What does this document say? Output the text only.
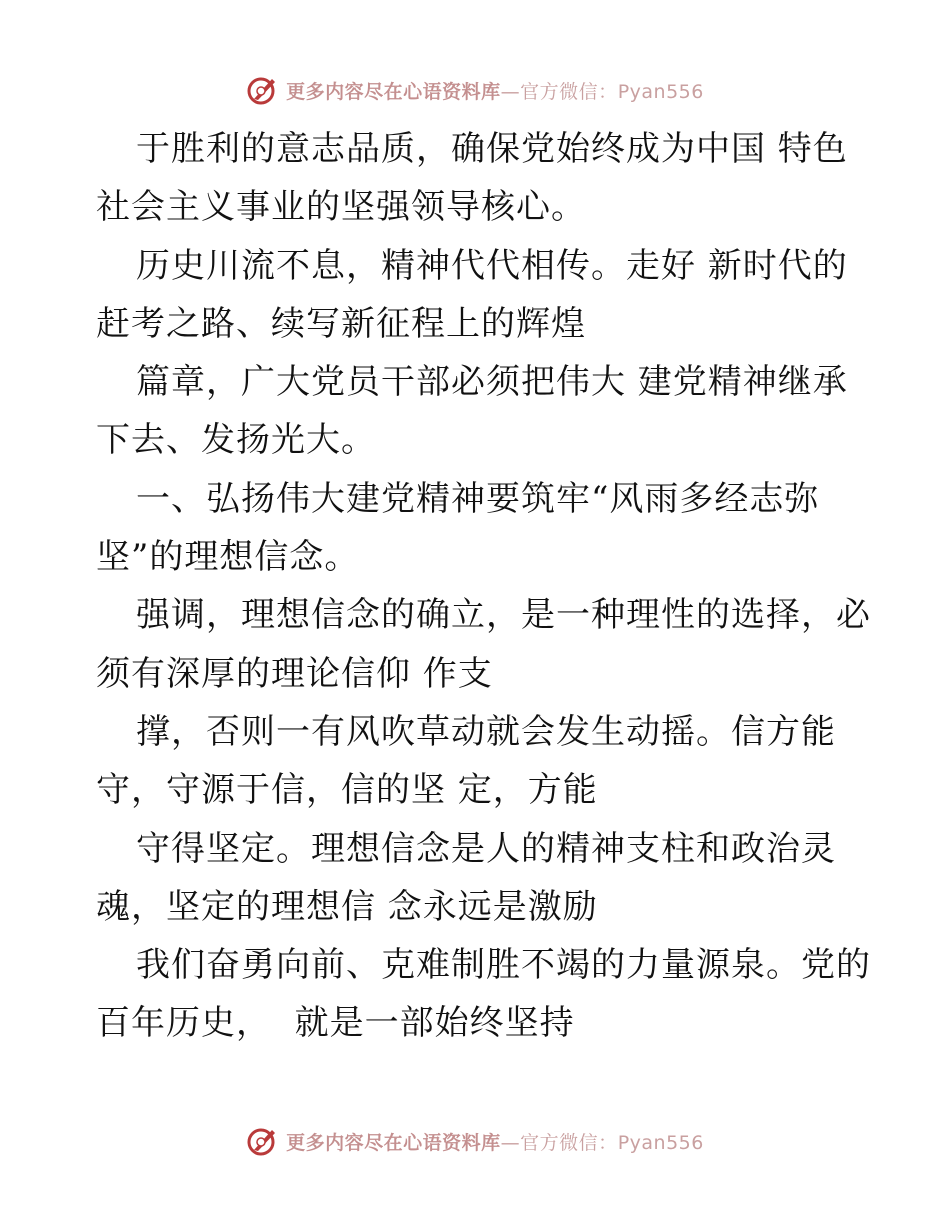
更多内容尽在心语资料库—官方微信：Pyan556
于胜利的意志品质，确保党始终成为中国 特色
社会主义事业的坚强领导核心。
历史川流不息，精神代代相传。走好 新时代的
赶考之路、续写新征程上的辉煌
篇章，广大党员干部必须把伟大 建党精神继承
下去、发扬光大。
一、弘扬伟大建党精神要筑牢“风雨多经志弥
坚”的理想信念。
强调，理想信念的确立，是一种理性的选择，必
须有深厚的理论信仰 作支
撑，否则一有风吹草动就会发生动摇。信方能
守，守源于信，信的坚 定，方能
守得坚定。理想信念是人的精神支柱和政治灵
魂，坚定的理想信 念永远是激励
我们奋勇向前、克难制胜不竭的力量源泉。党的
百年历史，  就是一部始终坚持
更多内容尽在心语资料库—官方微信：Pyan556
